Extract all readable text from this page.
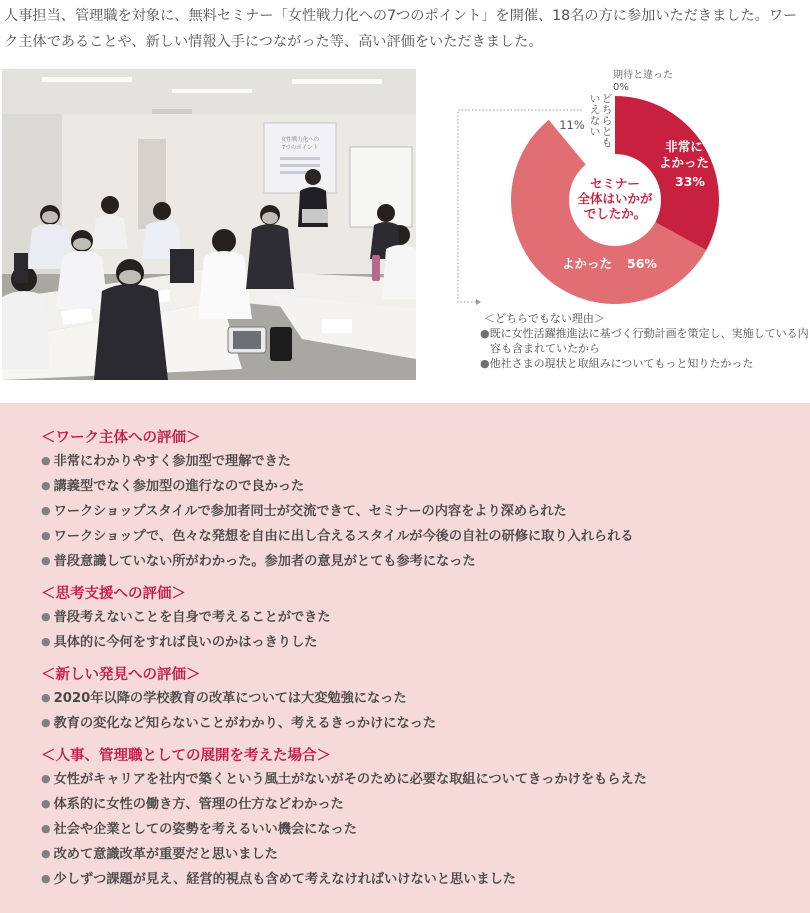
人事担当、管理職を対象に、無料セミナー「女性戦力化への7つのポイント」を開催、18名の方に参加いただきました。ワーク主体であることや、新しい情報入手につながった等、高い評価をいただきました。

女性戦力化への
7つのポイント
セミナー
全体はいかが
でしたか。
非常に
よかった
33%
よかった 56%
11%
ど
ち
ら
と
も
い
え
な
い
期待と違った
0%
＜どちらでもない理由＞
●既に女性活躍推進法に基づく行動計画を策定し、実施している内容も含まれていたから
●他社さまの現状と取組みについてもっと知りたかった

＜ワーク主体への評価＞

● 非常にわかりやすく参加型で理解できた

● 講義型でなく参加型の進行なので良かった

● ワークショップスタイルで参加者同士が交流できて、セミナーの内容をより深められた

● ワークショップで、色々な発想を自由に出し合えるスタイルが今後の自社の研修に取り入れられる

● 普段意識していない所がわかった。参加者の意見がとても参考になった

＜思考支援への評価＞

● 普段考えないことを自身で考えることができた

● 具体的に今何をすれば良いのかはっきりした

＜新しい発見への評価＞

● 2020年以降の学校教育の改革については大変勉強になった

● 教育の変化など知らないことがわかり、考えるきっかけになった

＜人事、管理職としての展開を考えた場合＞

● 女性がキャリアを社内で築くという風土がないがそのために必要な取組についてきっかけをもらえた

● 体系的に女性の働き方、管理の仕方などわかった

● 社会や企業としての姿勢を考えるいい機会になった

● 改めて意識改革が重要だと思いました

● 少しずつ課題が見え、経営的視点も含めて考えなければいけないと思いました
